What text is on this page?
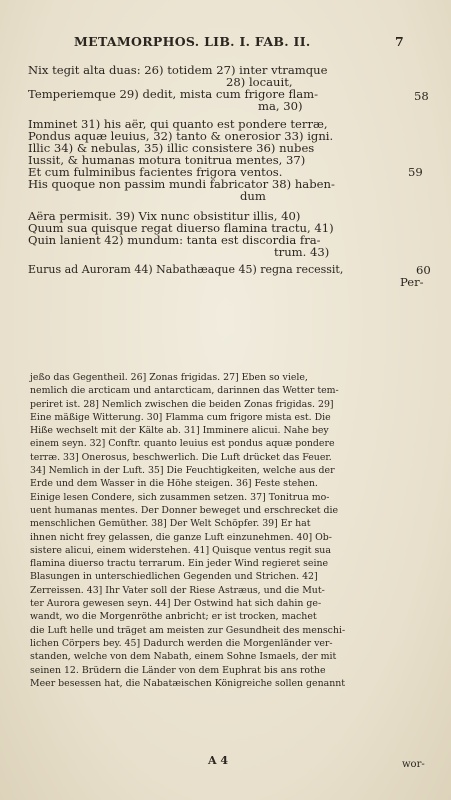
METAMORPHOS. LIB. I. FAB. II.	7
Nix tegit alta duas: 26) totidem 27) inter vtramque
28) locauit,
Temperiemque 29) dedit, mista cum frigore flam-	58
ma, 30)
Imminet 31) his aër, qui quanto est pondere terræ,
Pondus aquæ leuius, 32) tanto & onerosior 33) igni.
Illic 34) & nebulas, 35) illic consistere 36) nubes
Iussit, & humanas motura tonitrua mentes, 37)
Et cum fulminibus facientes frigora ventos.	59
His quoque non passim mundi fabricator 38) haben-
dum
Aëra permisit. 39) Vix nunc obsistitur illis, 40)
Quum sua quisque regat diuerso flamina tractu, 41)
Quin lanient 42) mundum: tanta est discordia fra-
trum. 43)
Eurus ad Auroram 44) Nabathæaque 45) regna recessit,	60
Per-
jeßo das Gegentheil. 26] Zonas frigidas. 27] Eben so viele,
nemlich die arcticam und antarcticam, darinnen das Wetter tem-
periret ist. 28] Nemlich zwischen die beiden Zonas frigidas. 29]
Eine mäßige Witterung. 30] Flamma cum frigore mista est. Die
Hiße wechselt mit der Kälte ab. 31] Imminere alicui. Nahe bey
einem seyn. 32] Conftr. quanto leuius est pondus aquæ pondere
terræ. 33] Onerosus, beschwerlich. Die Luft drücket das Feuer.
34] Nemlich in der Luft. 35] Die Feuchtigkeiten, welche aus der
Erde und dem Wasser in die Höhe steigen. 36] Feste stehen.
Einige lesen Condere, sich zusammen setzen. 37] Tonitrua mo-
uent humanas mentes. Der Donner beweget und erschrecket die
menschlichen Gemüther. 38] Der Welt Schöpfer. 39] Er hat
ihnen nicht frey gelassen, die ganze Luft einzunehmen. 40] Ob-
sistere alicui, einem widerstehen. 41] Quisque ventus regit sua
flamina diuerso tractu terrarum. Ein jeder Wind regieret seine
Blasungen in unterschiedlichen Gegenden und Strichen. 42]
Zerreissen. 43] Ihr Vater soll der Riese Astræus, und die Mut-
ter Aurora gewesen seyn. 44] Der Ostwind hat sich dahin ge-
wandt, wo die Morgenröthe anbricht; er ist trocken, machet
die Luft helle und träget am meisten zur Gesundheit des menschi-
lichen Cörpers bey. 45] Dadurch werden die Morgenländer ver-
standen, welche von dem Nabath, einem Sohne Ismaels, der mit
seinen 12. Brüdern die Länder von dem Euphrat bis ans rothe
Meer besessen hat, die Nabatæischen Königreiche sollen genannt
A 4	wor-
